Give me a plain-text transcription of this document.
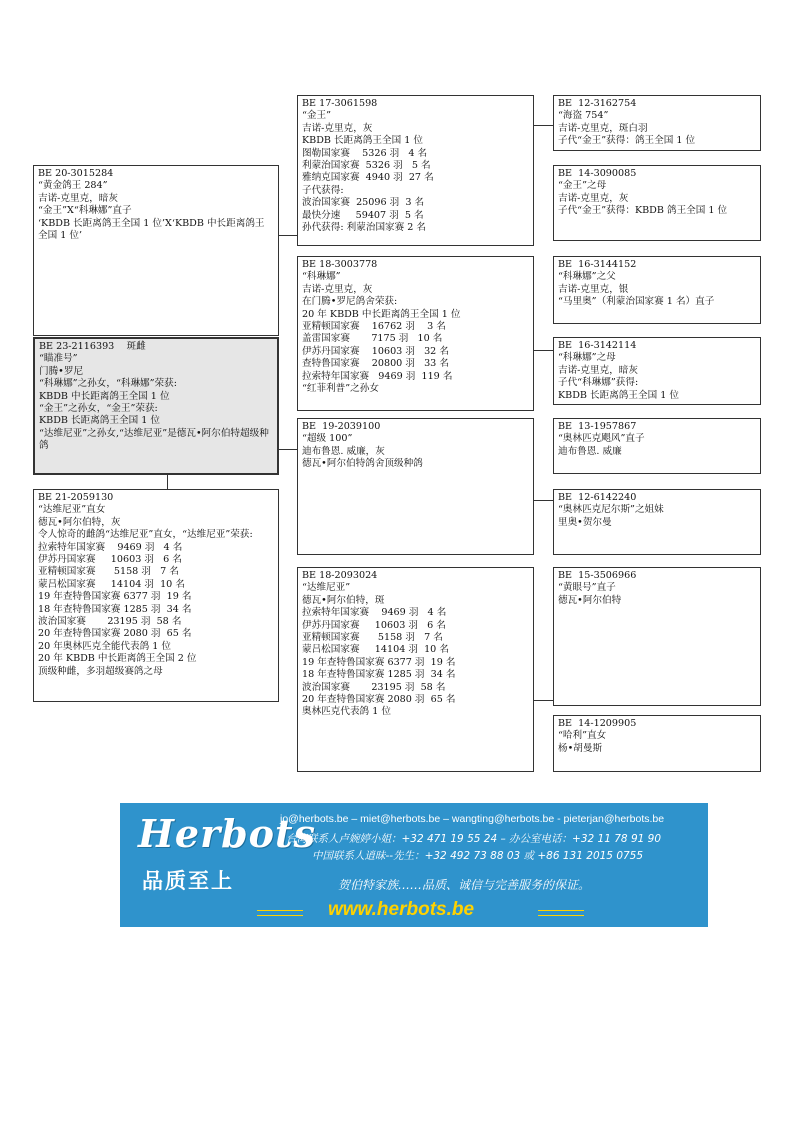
BE 23-2116393    斑雌
“瞄准号”
门腾•罗尼
“科琳娜”之孙女，“科琳娜”荣获:
KBDB 中长距离鸽王全国 1 位
“金王”之孙女，“金王”荣获:
KBDB 长距离鸽王全国 1 位
“达维尼亚”之孙女,“达维尼亚”是德瓦•阿尔伯特超级种鸽
BE 20-3015284
“黄金鸽王 284”
吉诺-克里克，暗灰
“金王”X“科琳娜”直子
‘KBDB 长距离鸽王全国 1 位’X‘KBDB 中长距离鸽王全国 1 位’
BE 21-2059130
“达维尼亚”直女
德瓦•阿尔伯特，灰
令人惊奇的雌鸽“达维尼亚”直女，“达维尼亚”荣获:
拉索特年国家赛    9469 羽   4 名
伊苏丹国家赛     10603 羽   6 名
亚精顿国家赛      5158 羽   7 名
蒙吕松国家赛     14104 羽  10 名
19 年查特鲁国家赛 6377 羽  19 名
18 年查特鲁国家赛 1285 羽  34 名
波治国家赛       23195 羽  58 名
20 年查特鲁国家赛 2080 羽  65 名
20 年奥林匹克全能代表鸽 1 位
20 年 KBDB 中长距离鸽王全国 2 位
顶级种雌，多羽超级赛鸽之母
BE 17-3061598
“金王”
吉诺-克里克，灰
KBDB 长距离鸽王全国 1 位
图勒国家赛    5326 羽   4 名
利蒙治国家赛  5326 羽   5 名
雅纳克国家赛  4940 羽  27 名
子代获得:
波治国家赛  25096 羽  3 名
最快分速     59407 羽  5 名
孙代获得: 利蒙治国家赛 2 名
BE 18-3003778
“科琳娜”
吉诺-克里克，灰
在门腾•罗尼鸽舍荣获:
20 年 KBDB 中长距离鸽王全国 1 位
亚精顿国家赛    16762 羽    3 名
盖雷国家赛       7175 羽   10 名
伊苏丹国家赛    10603 羽   32 名
查特鲁国家赛    20800 羽   33 名
拉索特年国家赛   9469 羽  119 名
“红菲利普”之孙女
BE  19-2039100
“超级 100”
迪布鲁恩. 威廉，灰
德瓦•阿尔伯特鸽舍顶级种鸽
BE 18-2093024
“达维尼亚”
德瓦•阿尔伯特，斑
拉索特年国家赛    9469 羽   4 名
伊苏丹国家赛     10603 羽   6 名
亚精顿国家赛      5158 羽   7 名
蒙吕松国家赛     14104 羽  10 名
19 年查特鲁国家赛 6377 羽  19 名
18 年查特鲁国家赛 1285 羽  34 名
波治国家赛       23195 羽  58 名
20 年查特鲁国家赛 2080 羽  65 名
奥林匹克代表鸽 1 位
BE  12-3162754
“海盗 754”
吉诺-克里克，斑白羽
子代“金王”获得：鸽王全国 1 位
BE  14-3090085
“金王”之母
吉诺-克里克，灰
子代“金王”获得：KBDB 鸽王全国 1 位
BE  16-3144152
“科琳娜”之父
吉诺-克里克，银
“马里奥”（利蒙治国家赛 1 名）直子
BE  16-3142114
“科琳娜”之母
吉诺-克里克，暗灰
子代“科琳娜”获得:
KBDB 长距离鸽王全国 1 位
BE  13-1957867
“奥林匹克飓风”直子
迪布鲁恩. 威廉
BE  12-6142240
“奥林匹克尼尔斯”之姐妹
里奥•贺尔曼
BE  15-3506966
“黄眼号”直子
德瓦•阿尔伯特
BE  14-1209905
“哈利”直女
杨•胡曼斯
Herbots
品质至上
jo@herbots.be – miet@herbots.be – wangting@herbots.be - pieterjan@herbots.be
台湾联系人卢婉婷小姐：+32 471 19 55 24 – 办公室电话：+32 11 78 91 90
中国联系人逍昧--先生：+32 492 73 88 03 或 +86 131 2015 0755
贺伯特家族……品质、诚信与完善服务的保证。
www.herbots.be
